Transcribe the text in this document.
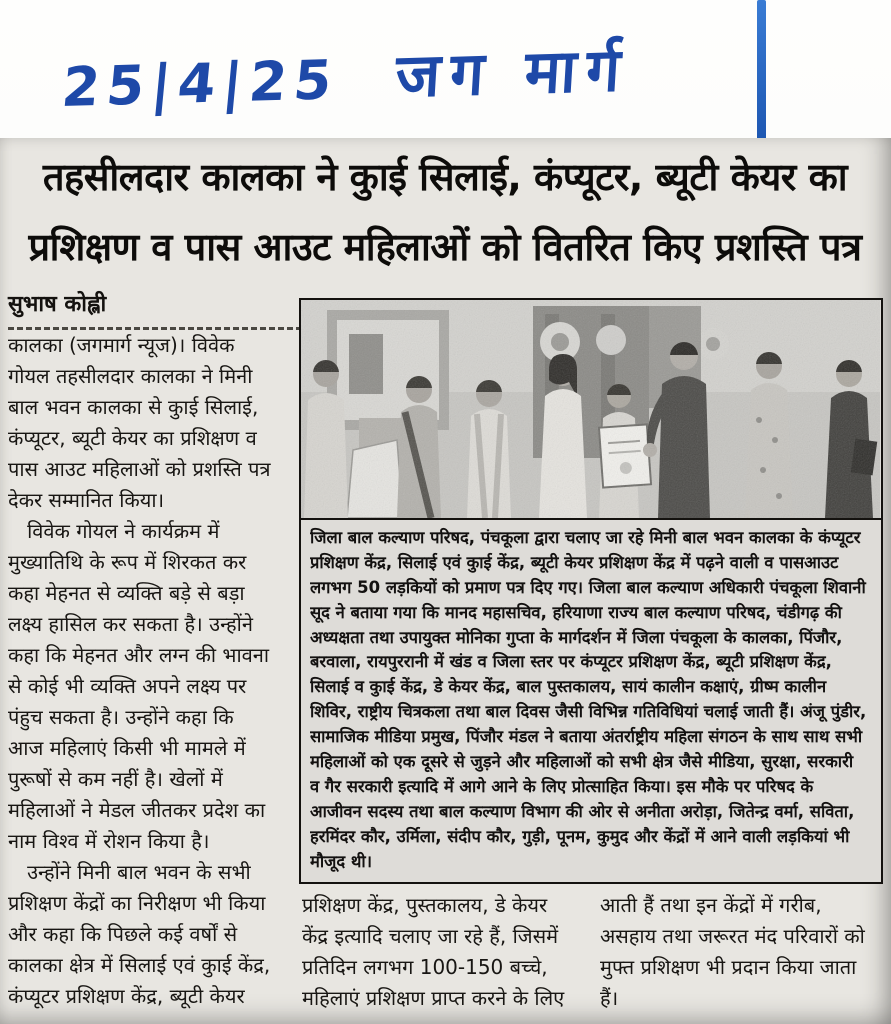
25|4|25 जग मार्ग
तहसीलदार कालका ने कुाई सिलाई, कंप्यूटर, ब्यूटी केयर का
प्रशिक्षण व पास आउट महिलाओं को वितरित किए प्रशस्ति पत्र
सुभाष कोह्ली
कालका (जगमार्ग न्यूज)। विवेक
गोयल तहसीलदार कालका ने मिनी
बाल भवन कालका से कुाई सिलाई,
कंप्यूटर, ब्यूटी केयर का प्रशिक्षण व
पास आउट महिलाओं को प्रशस्ति पत्र
देकर सम्मानित किया।
विवेक गोयल ने कार्यक्रम में
मुख्यातिथि के रूप में शिरकत कर
कहा मेहनत से व्यक्ति बड़े से बड़ा
लक्ष्य हासिल कर सकता है। उन्होंने
कहा कि मेहनत और लग्न की भावना
से कोई भी व्यक्ति अपने लक्ष्य पर
पंहुच सकता है। उन्होंने कहा कि
आज महिलाएं किसी भी मामले में
पुरूषों से कम नहीं है। खेलों में
महिलाओं ने मेडल जीतकर प्रदेश का
नाम विश्व में रोशन किया है।
उन्होंने मिनी बाल भवन के सभी
प्रशिक्षण केंद्रों का निरीक्षण भी किया
और कहा कि पिछले कई वर्षों से
कालका क्षेत्र में सिलाई एवं कुाई केंद्र,
कंप्यूटर प्रशिक्षण केंद्र, ब्यूटी केयर
जिला बाल कल्याण परिषद, पंचकूला द्वारा चलाए जा रहे मिनी बाल भवन कालका के कंप्यूटर
प्रशिक्षण केंद्र, सिलाई एवं कुाई केंद्र, ब्यूटी केयर प्रशिक्षण केंद्र में पढ़ने वाली व पासआउट
लगभग 50 लड़कियों को प्रमाण पत्र दिए गए। जिला बाल कल्याण अधिकारी पंचकूला शिवानी
सूद ने बताया गया कि मानद महासचिव, हरियाणा राज्य बाल कल्याण परिषद, चंडीगढ़ की
अध्यक्षता तथा उपायुक्त मोनिका गुप्ता के मार्गदर्शन में जिला पंचकूला के कालका, पिंजौर,
बरवाला, रायपुररानी में खंड व जिला स्तर पर कंप्यूटर प्रशिक्षण केंद्र, ब्यूटी प्रशिक्षण केंद्र,
सिलाई व कुाई केंद्र, डे केयर केंद्र, बाल पुस्तकालय, सायं कालीन कक्षाएं, ग्रीष्म कालीन
शिविर, राष्ट्रीय चित्रकला तथा बाल दिवस जैसी विभिन्न गतिविधियां चलाई जाती हैं। अंजू पुंडीर,
सामाजिक मीडिया प्रमुख, पिंजौर मंडल ने बताया अंतर्राष्ट्रीय महिला संगठन के साथ साथ सभी
महिलाओं को एक दूसरे से जुड़ने और महिलाओं को सभी क्षेत्र जैसे मीडिया, सुरक्षा, सरकारी
व गैर सरकारी इत्यादि में आगे आने के लिए प्रोत्साहित किया। इस मौके पर परिषद के
आजीवन सदस्य तथा बाल कल्याण विभाग की ओर से अनीता अरोड़ा, जितेन्द्र वर्मा, सविता,
हरमिंदर कौर, उर्मिला, संदीप कौर, गुड़ी, पूनम, कुमुद और केंद्रों में आने वाली लड़कियां भी
मौजूद थी।
प्रशिक्षण केंद्र, पुस्तकालय, डे केयर
केंद्र इत्यादि चलाए जा रहे हैं, जिसमें
प्रतिदिन लगभग 100-150 बच्चे,
महिलाएं प्रशिक्षण प्राप्त करने के लिए
आती हैं तथा इन केंद्रों में गरीब,
असहाय तथा जरूरत मंद परिवारों को
मुफ्त प्रशिक्षण भी प्रदान किया जाता
हैं।
